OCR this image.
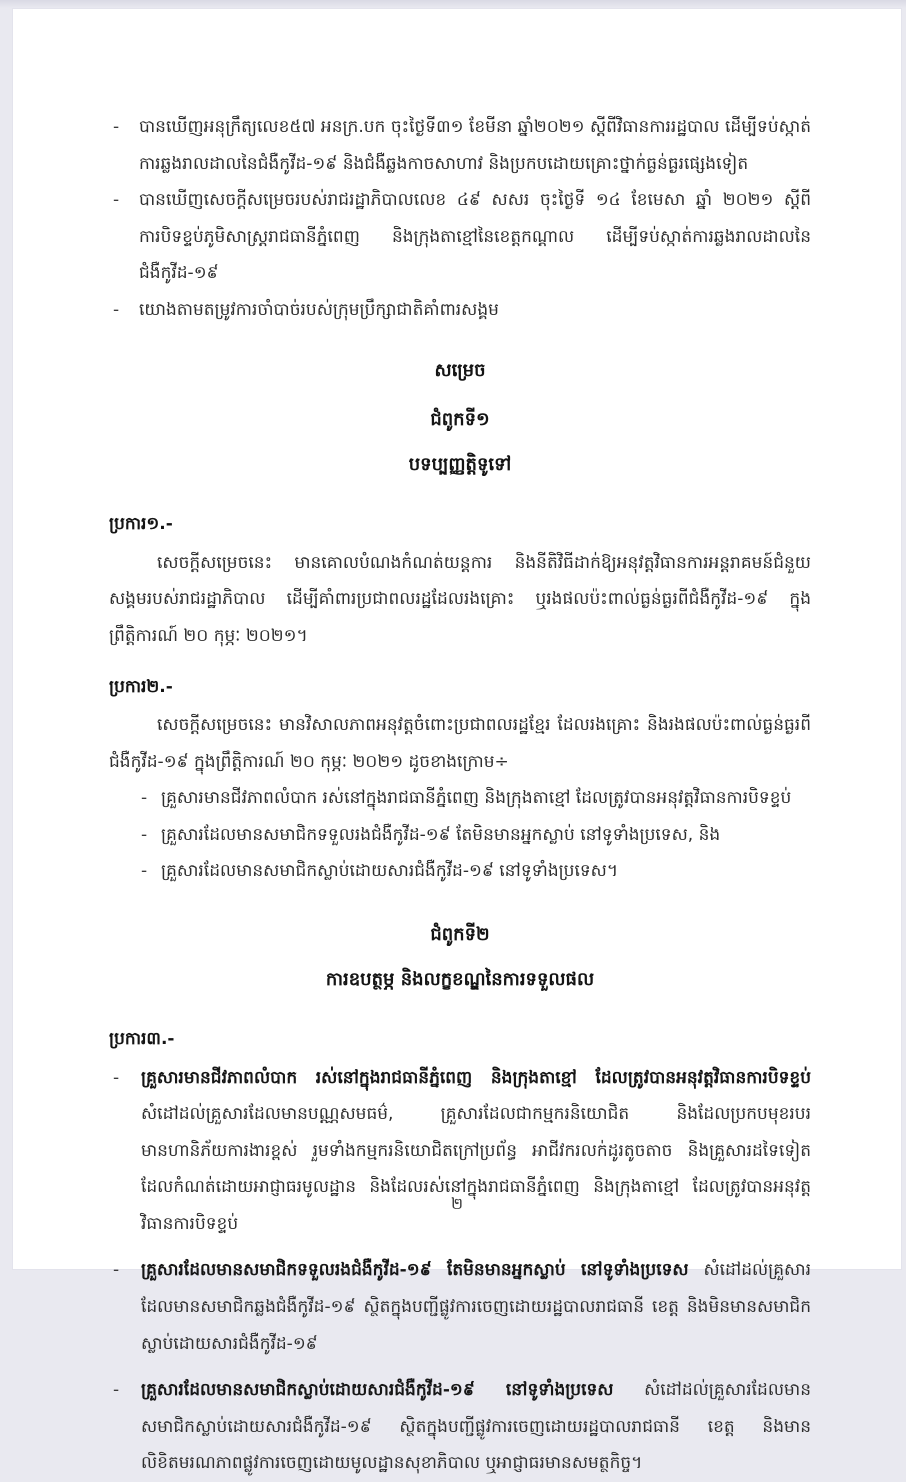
-	បានឃើញអនុក្រឹត្យលេខ៥៧ អនក្រ.បក ចុះថ្ងៃទី៣១ ខែមីនា ឆ្នាំ២០២១ ស្តីពីវិធានការរដ្ឋបាល ដើម្បីទប់ស្កាត់ការឆ្លងរាលដាលនៃជំងឺកូវីដ-១៩ និងជំងឺឆ្លងកាចសាហាវ និងប្រកបដោយគ្រោះថ្នាក់ធ្ងន់ធ្ងរផ្សេងទៀត
-	បានឃើញសេចក្តីសម្រេចរបស់រាជរដ្ឋាភិបាលលេខ ៤៩ សសរ ចុះថ្ងៃទី ១៤ ខែមេសា ឆ្នាំ ២០២១ ស្តីពីការបិទខ្ទប់ភូមិសាស្រ្តរាជធានីភ្នំពេញ និងក្រុងតាខ្មៅនៃខេត្តកណ្តាល ដើម្បីទប់ស្កាត់ការឆ្លងរាលដាលនៃជំងឺកូវីដ-១៩
-	យោងតាមតម្រូវការចាំបាច់របស់ក្រុមប្រឹក្សាជាតិគាំពារសង្គម
សម្រេច
ជំពូកទី១
បទប្បញ្ញត្តិទូទៅ
ប្រការ១.-
សេចក្តីសម្រេចនេះ មានគោលបំណងកំណត់យន្តការ និងនីតិវិធីដាក់ឱ្យអនុវត្តវិធានការអន្តរាគមន៍ជំនួយសង្គមរបស់រាជរដ្ឋាភិបាល ដើម្បីគាំពារប្រជាពលរដ្ឋដែលរងគ្រោះ ឬរងផលប៉ះពាល់ធ្ងន់ធ្ងរពីជំងឺកូវីដ-១៩ ក្នុងព្រឹត្តិការណ៍ ២០ កុម្ភៈ ២០២១។
ប្រការ២.-
សេចក្តីសម្រេចនេះ មានវិសាលភាពអនុវត្តចំពោះប្រជាពលរដ្ឋខ្មែរ ដែលរងគ្រោះ និងរងផលប៉ះពាល់ធ្ងន់ធ្ងរពីជំងឺកូវីដ-១៩ ក្នុងព្រឹត្តិការណ៍ ២០ កុម្ភៈ ២០២១ ដូចខាងក្រោម÷
- គ្រួសារមានជីវភាពលំបាក រស់នៅក្នុងរាជធានីភ្នំពេញ និងក្រុងតាខ្មៅ ដែលត្រូវបានអនុវត្តវិធានការបិទខ្ទប់
- គ្រួសារដែលមានសមាជិកទទួលរងជំងឺកូវីដ-១៩ តែមិនមានអ្នកស្លាប់ នៅទូទាំងប្រទេស, និង
- គ្រួសារដែលមានសមាជិកស្លាប់ដោយសារជំងឺកូវីដ-១៩ នៅទូទាំងប្រទេស។
ជំពូកទី២
ការឧបត្ថម្ភ និងលក្ខខណ្ឌនៃការទទួលផល
ប្រការ៣.-
-	គ្រួសារមានជីវភាពលំបាក រស់នៅក្នុងរាជធានីភ្នំពេញ និងក្រុងតាខ្មៅ ដែលត្រូវបានអនុវត្តវិធានការបិទខ្ទប់ សំដៅដល់គ្រួសារដែលមានបណ្ណសមធម៌, គ្រួសារដែលជាកម្មករនិយោជិត និងដែលប្រកបមុខរបរមានហានិភ័យការងារខ្ពស់ រួមទាំងកម្មករនិយោជិតក្រៅប្រព័ន្ធ អាជីវករលក់ដូរតូចតាច និងគ្រួសារដទៃទៀតដែលកំណត់ដោយអាជ្ញាធរមូលដ្ឋាន និងដែលរស់នៅក្នុងរាជធានីភ្នំពេញ និងក្រុងតាខ្មៅ ដែលត្រូវបានអនុវត្តវិធានការបិទខ្ទប់
-	គ្រួសារដែលមានសមាជិកទទួលរងជំងឺកូវីដ-១៩ តែមិនមានអ្នកស្លាប់ នៅទូទាំងប្រទេស សំដៅដល់គ្រួសារដែលមានសមាជិកឆ្លងជំងឺកូវីដ-១៩ ស្ថិតក្នុងបញ្ជីផ្លូវការចេញដោយរដ្ឋបាលរាជធានី ខេត្ត និងមិនមានសមាជិកស្លាប់ដោយសារជំងឺកូវីដ-១៩
-	គ្រួសារដែលមានសមាជិកស្លាប់ដោយសារជំងឺកូវីដ-១៩ នៅទូទាំងប្រទេស សំដៅដល់គ្រួសារដែលមានសមាជិកស្លាប់ដោយសារជំងឺកូវីដ-១៩ ស្ថិតក្នុងបញ្ជីផ្លូវការចេញដោយរដ្ឋបាលរាជធានី ខេត្ត និងមានលិខិតមរណភាពផ្លូវការចេញដោយមូលដ្ឋានសុខាភិបាល ឬអាជ្ញាធរមានសមត្ថកិច្ច។
២
